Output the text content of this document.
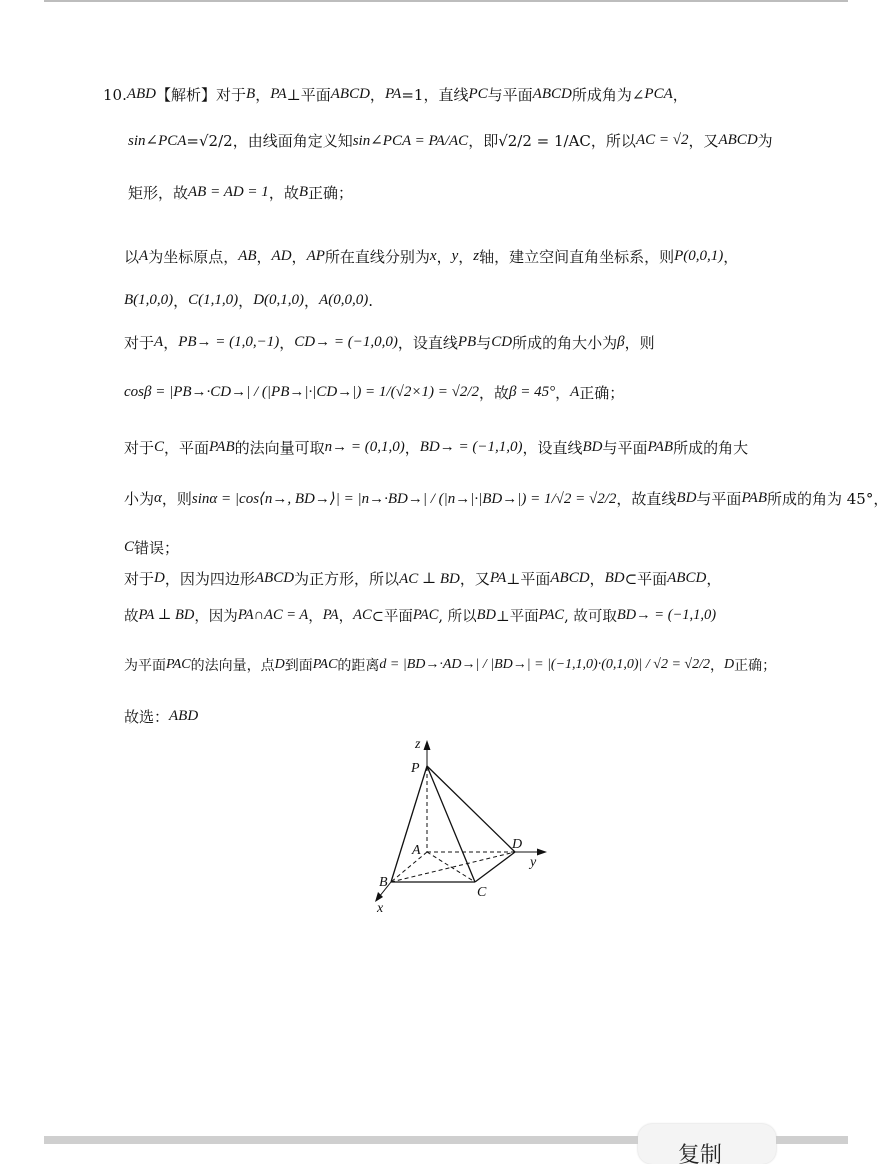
10. ABD 【解析】对于 B ， PA ⊥平面 ABCD ， PA =1，直线 PC 与平面 ABCD 所成角为∠ PCA ，
sin∠PCA = √2/2 ，由线面角定义知 sin∠PCA = PA/AC ，即 √2/2 = 1/AC ，所以 AC = √2 ，又 ABCD 为
矩形，故 AB = AD = 1 ，故 B 正确；
以 A 为坐标原点， AB ， AD ， AP 所在直线分别为 x ， y ， z 轴，建立空间直角坐标系，则 P(0,0,1) ，
B(1,0,0) ， C(1,1,0) ， D(0,1,0) ， A(0,0,0) .
对于 A ， PB→ = (1,0,−1) ， CD→ = (−1,0,0) ，设直线 PB 与 CD 所成的角大小为 β ，则
cosβ = |PB→·CD→| / (|PB→|·|CD→|) = 1/(√2×1) = √2/2 ，故 β = 45° ， A 正确；
对于 C ，平面 PAB 的法向量可取 n→ = (0,1,0) ， BD→ = (−1,1,0) ，设直线 BD 与平面 PAB 所成的角大
小为 α ，则 sinα = |cos⟨n→, BD→⟩| = |n→·BD→| / (|n→|·|BD→|) = 1/√2 = √2/2 ，故直线 BD 与平面 PAB 所成的角为 45°，
C 错误；
对于 D ，因为四边形 ABCD 为正方形，所以 AC ⊥ BD ，又 PA ⊥平面 ABCD ， BD ⊂平面 ABCD ，
故 PA ⊥ BD ，因为 PA∩AC = A ， PA ， AC ⊂平面 PAC , 所以 BD ⊥平面 PAC , 故可取 BD→ = (−1,1,0)
为平面 PAC 的法向量，点 D 到面 PAC 的距离 d = |BD→·AD→| / |BD→| = |(−1,1,0)·(0,1,0)| / √2 = √2/2 ， D 正确；
故选： ABD
z
P
A	D
y
B
C
x
复制
